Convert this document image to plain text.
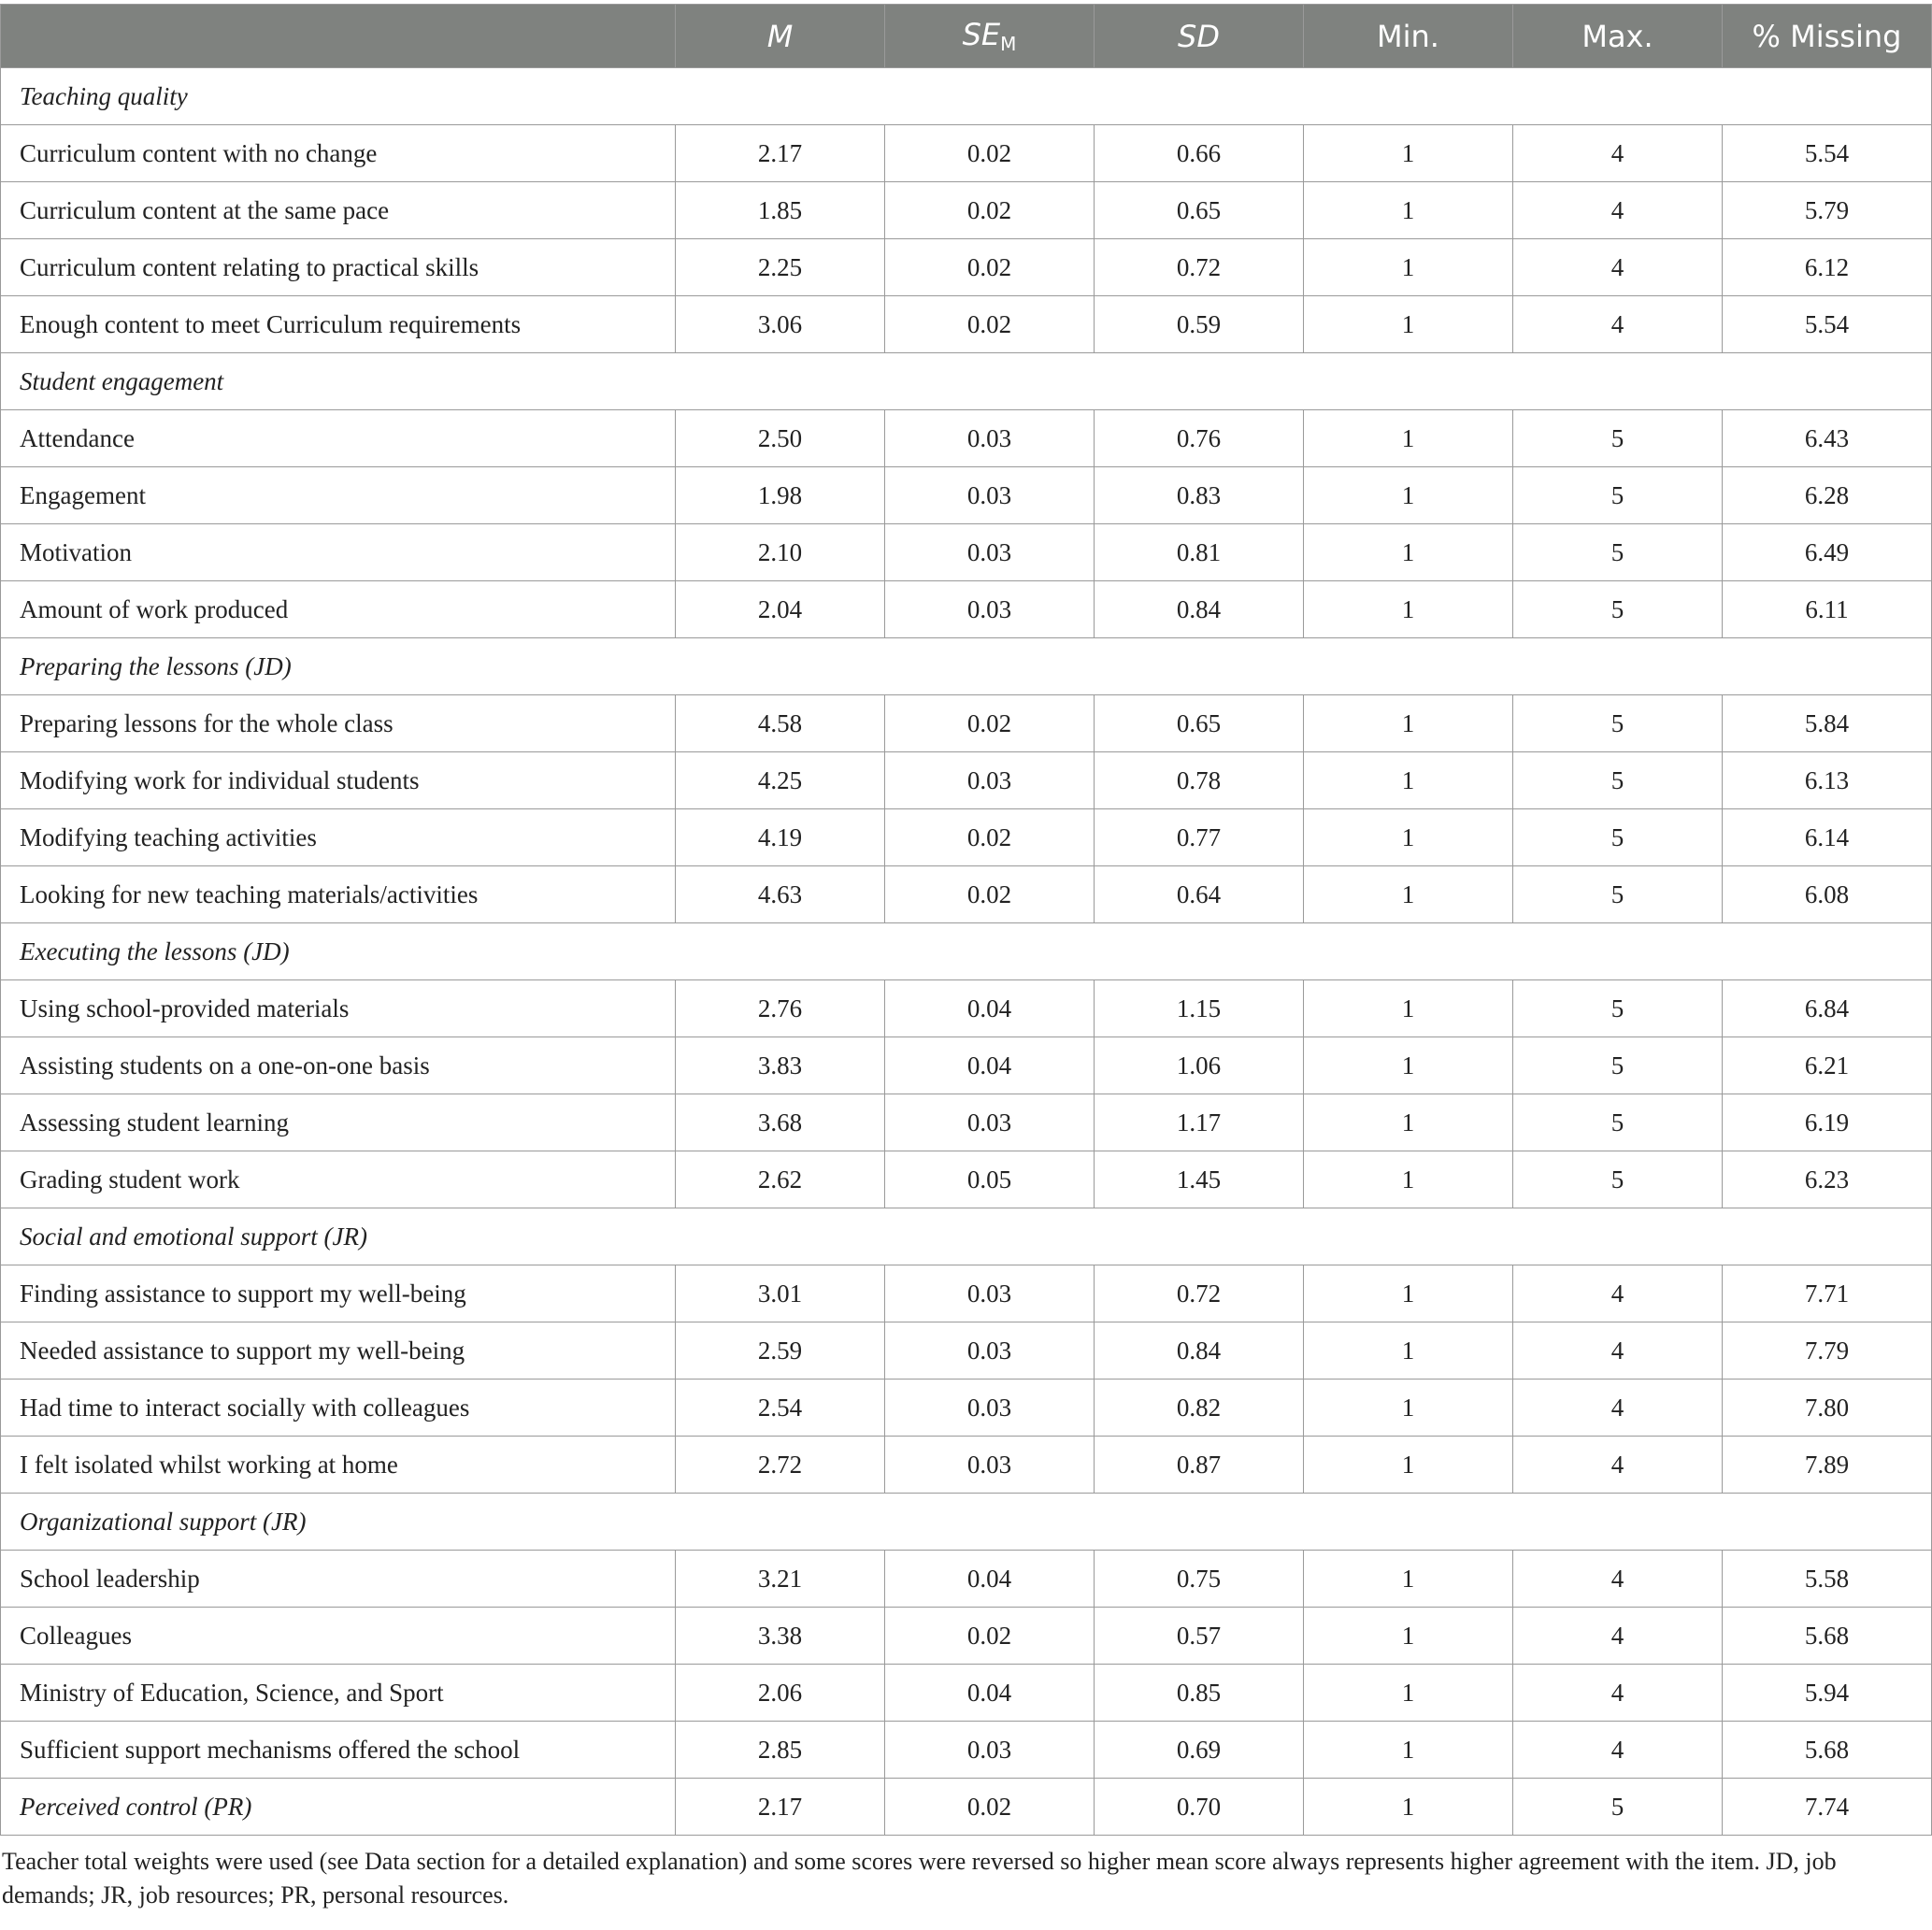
	M	$SE_M$	SD	Min.	Max.	% Missing
Teaching quality						
Curriculum content with no change	2.17	0.02	0.66	1	4	5.54
Curriculum content at the same pace	1.85	0.02	0.65	1	4	5.79
Curriculum content relating to practical skills	2.25	0.02	0.72	1	4	6.12
Enough content to meet Curriculum requirements	3.06	0.02	0.59	1	4	5.54
Student engagement						
Attendance	2.50	0.03	0.76	1	5	6.43
Engagement	1.98	0.03	0.83	1	5	6.28
Motivation	2.10	0.03	0.81	1	5	6.49
Amount of work produced	2.04	0.03	0.84	1	5	6.11
Preparing the lessons (JD)						
Preparing lessons for the whole class	4.58	0.02	0.65	1	5	5.84
Modifying work for individual students	4.25	0.03	0.78	1	5	6.13
Modifying teaching activities	4.19	0.02	0.77	1	5	6.14
Looking for new teaching materials/activities	4.63	0.02	0.64	1	5	6.08
Executing the lessons (JD)						
Using school-provided materials	2.76	0.04	1.15	1	5	6.84
Assisting students on a one-on-one basis	3.83	0.04	1.06	1	5	6.21
Assessing student learning	3.68	0.03	1.17	1	5	6.19
Grading student work	2.62	0.05	1.45	1	5	6.23
Social and emotional support (JR)						
Finding assistance to support my well-being	3.01	0.03	0.72	1	4	7.71
Needed assistance to support my well-being	2.59	0.03	0.84	1	4	7.79
Had time to interact socially with colleagues	2.54	0.03	0.82	1	4	7.80
I felt isolated whilst working at home	2.72	0.03	0.87	1	4	7.89
Organizational support (JR)						
School leadership	3.21	0.04	0.75	1	4	5.58
Colleagues	3.38	0.02	0.57	1	4	5.68
Ministry of Education, Science, and Sport	2.06	0.04	0.85	1	4	5.94
Sufficient support mechanisms offered the school	2.85	0.03	0.69	1	4	5.68
Perceived control (PR)	2.17	0.02	0.70	1	5	7.74
Teacher total weights were used (see Data section for a detailed explanation) and some scores were reversed so higher mean score always represents higher agreement with the item. JD, job demands; JR, job resources; PR, personal resources.
